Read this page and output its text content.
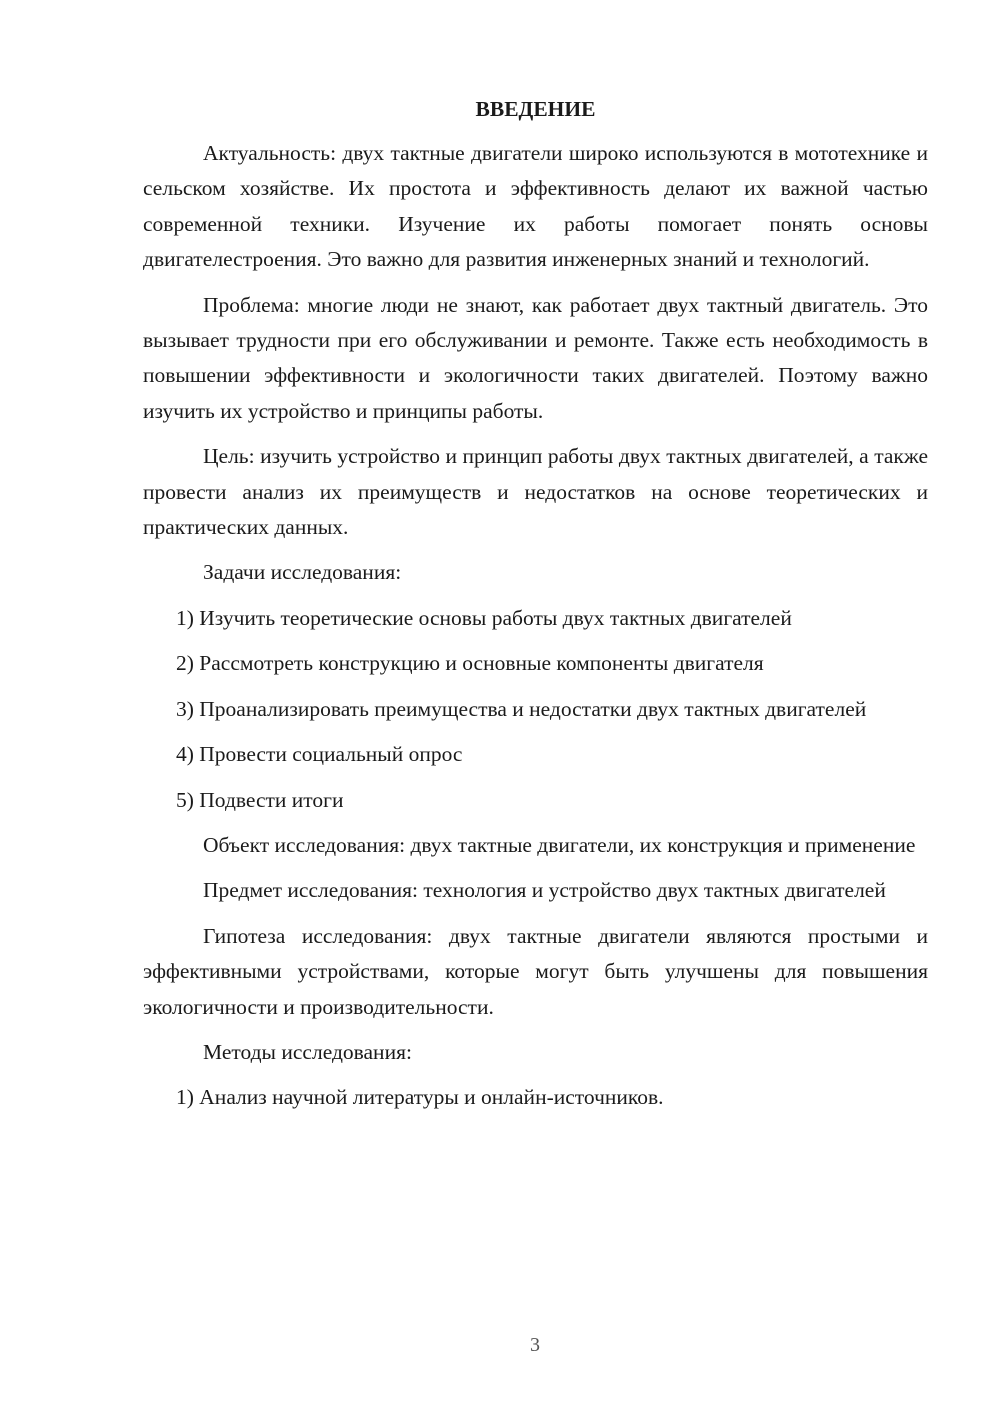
ВВЕДЕНИЕ

Актуальность: двух тактные двигатели широко используются в мототехнике и сельском хозяйстве. Их простота и эффективность делают их важной частью современной техники. Изучение их работы помогает понять основы двигателестроения. Это важно для развития инженерных знаний и технологий.

Проблема: многие люди не знают, как работает двух тактный двигатель. Это вызывает трудности при его обслуживании и ремонте. Также есть необходимость в повышении эффективности и экологичности таких двигателей. Поэтому важно изучить их устройство и принципы работы.

Цель: изучить устройство и принцип работы двух тактных двигателей, а также провести анализ их преимуществ и недостатков на основе теоретических и практических данных.

Задачи исследования:

1) Изучить теоретические основы работы двух тактных двигателей

2) Рассмотреть конструкцию и основные компоненты двигателя

3) Проанализировать преимущества и недостатки двух тактных двигателей

4) Провести социальный опрос

5) Подвести итоги

Объект исследования: двух тактные двигатели, их конструкция и применение

Предмет исследования: технология и устройство двух тактных двигателей

Гипотеза исследования: двух тактные двигатели являются простыми и эффективными устройствами, которые могут быть улучшены для повышения экологичности и производительности.

Методы исследования:

1) Анализ научной литературы и онлайн-источников.

3
